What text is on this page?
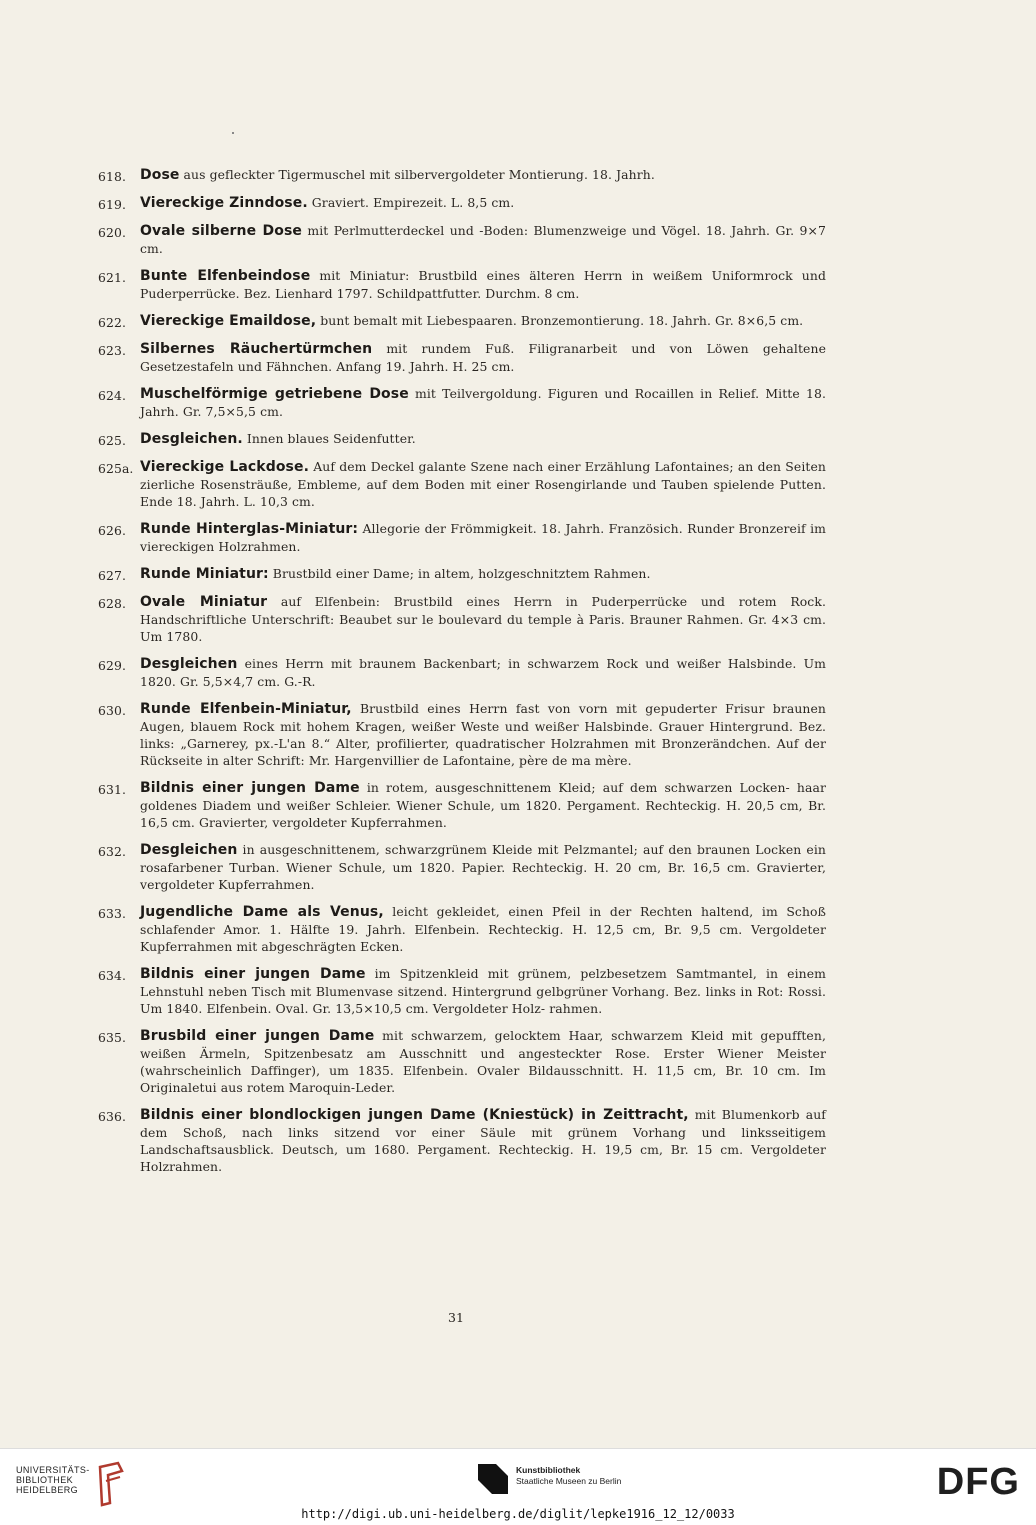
618. Dose aus gefleckter Tigermuschel mit silbervergoldeter Montierung. 18. Jahrh.
619. Viereckige Zinndose. Graviert. Empirezeit. L. 8,5 cm.
620. Ovale silberne Dose mit Perlmutterdeckel und -Boden: Blumenzweige und Vögel. 18. Jahrh. Gr. 9×7 cm.
621. Bunte Elfenbeindose mit Miniatur: Brustbild eines älteren Herrn in weißem Uniformrock und Puderperrücke. Bez. Lienhard 1797. Schildpattfutter. Durchm. 8 cm.
622. Viereckige Emaildose, bunt bemalt mit Liebespaaren. Bronzemontierung. 18. Jahrh. Gr. 8×6,5 cm.
623. Silbernes Räuchertürmchen mit rundem Fuß. Filigranarbeit und von Löwen gehaltene Gesetzestafeln und Fähnchen. Anfang 19. Jahrh. H. 25 cm.
624. Muschelförmige getriebene Dose mit Teilvergoldung. Figuren und Rocaillen in Relief. Mitte 18. Jahrh. Gr. 7,5×5,5 cm.
625. Desgleichen. Innen blaues Seidenfutter.
625a. Viereckige Lackdose. Auf dem Deckel galante Szene nach einer Erzählung Lafontaines; an den Seiten zierliche Rosensträuße, Embleme, auf dem Boden mit einer Rosengirlande und Tauben spielende Putten. Ende 18. Jahrh. L. 10,3 cm.
626. Runde Hinterglas-Miniatur: Allegorie der Frömmigkeit. 18. Jahrh. Französich. Runder Bronzereif im viereckigen Holzrahmen.
627. Runde Miniatur: Brustbild einer Dame; in altem, holzgeschnitztem Rahmen.
628. Ovale Miniatur auf Elfenbein: Brustbild eines Herrn in Puderperrücke und rotem Rock. Handschriftliche Unterschrift: Beaubet sur le boulevard du temple à Paris. Brauner Rahmen. Gr. 4×3 cm. Um 1780.
629. Desgleichen eines Herrn mit braunem Backenbart; in schwarzem Rock und weißer Halsbinde. Um 1820. Gr. 5,5×4,7 cm. G.-R.
630. Runde Elfenbein-Miniatur, Brustbild eines Herrn fast von vorn mit gepuderter Frisur braunen Augen, blauem Rock mit hohem Kragen, weißer Weste und weißer Halsbinde. Grauer Hintergrund. Bez. links: „Garnerey, px.-L'an 8.“ Alter, profilierter, quadratischer Holzrahmen mit Bronzerändchen. Auf der Rückseite in alter Schrift: Mr. Hargenvillier de Lafontaine, père de ma mère.
631. Bildnis einer jungen Dame in rotem, ausgeschnittenem Kleid; auf dem schwarzen Locken- haar goldenes Diadem und weißer Schleier. Wiener Schule, um 1820. Pergament. Rechteckig. H. 20,5 cm, Br. 16,5 cm. Gravierter, vergoldeter Kupferrahmen.
632. Desgleichen in ausgeschnittenem, schwarzgrünem Kleide mit Pelzmantel; auf den braunen Locken ein rosafarbener Turban. Wiener Schule, um 1820. Papier. Rechteckig. H. 20 cm, Br. 16,5 cm. Gravierter, vergoldeter Kupferrahmen.
633. Jugendliche Dame als Venus, leicht gekleidet, einen Pfeil in der Rechten haltend, im Schoß schlafender Amor. 1. Hälfte 19. Jahrh. Elfenbein. Rechteckig. H. 12,5 cm, Br. 9,5 cm. Vergoldeter Kupferrahmen mit abgeschrägten Ecken.
634. Bildnis einer jungen Dame im Spitzenkleid mit grünem, pelzbesetzem Samtmantel, in einem Lehnstuhl neben Tisch mit Blumenvase sitzend. Hintergrund gelbgrüner Vorhang. Bez. links in Rot: Rossi. Um 1840. Elfenbein. Oval. Gr. 13,5×10,5 cm. Vergoldeter Holz- rahmen.
635. Brusbild einer jungen Dame mit schwarzem, gelocktem Haar, schwarzem Kleid mit gepufften, weißen Ärmeln, Spitzenbesatz am Ausschnitt und angesteckter Rose. Erster Wiener Meister (wahrscheinlich Daffinger), um 1835. Elfenbein. Ovaler Bildausschnitt. H. 11,5 cm, Br. 10 cm. Im Originaletui aus rotem Maroquin-Leder.
636. Bildnis einer blondlockigen jungen Dame (Kniestück) in Zeittracht, mit Blumenkorb auf dem Schoß, nach links sitzend vor einer Säule mit grünem Vorhang und linksseitigem Landschaftsausblick. Deutsch, um 1680. Pergament. Rechteckig. H. 19,5 cm, Br. 15 cm. Vergoldeter Holzrahmen.
31
UNIVERSITÄTS-
BIBLIOTHEK
HEIDELBERG
Kunstbibliothek
Staatliche Museen zu Berlin	DFG
http://digi.ub.uni-heidelberg.de/diglit/lepke1916_12_12/0033
